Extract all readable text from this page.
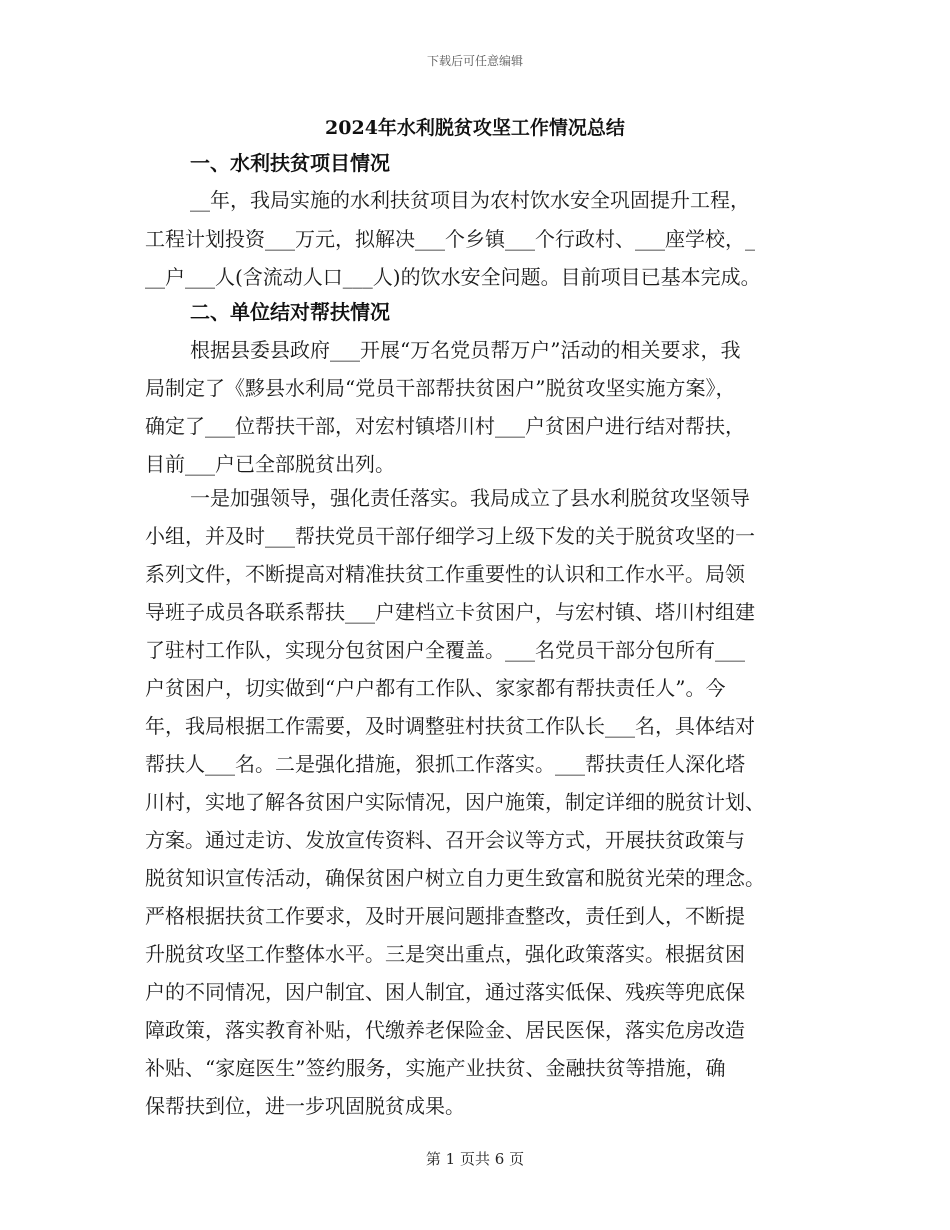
下载后可任意编辑
2024年水利脱贫攻坚工作情况总结
一、水利扶贫项目情况
__年，我局实施的水利扶贫项目为农村饮水安全巩固提升工程，
工程计划投资___万元，拟解决___个乡镇___个行政村、___座学校，_
__户___人(含流动人口___人)的饮水安全问题。目前项目已基本完成。
二、单位结对帮扶情况
根据县委县政府___开展“万名党员帮万户”活动的相关要求，我
局制定了《黟县水利局“党员干部帮扶贫困户”脱贫攻坚实施方案》，
确定了___位帮扶干部，对宏村镇塔川村___户贫困户进行结对帮扶，
目前___户已全部脱贫出列。
一是加强领导，强化责任落实。我局成立了县水利脱贫攻坚领导
小组，并及时___帮扶党员干部仔细学习上级下发的关于脱贫攻坚的一
系列文件，不断提高对精准扶贫工作重要性的认识和工作水平。局领
导班子成员各联系帮扶___户建档立卡贫困户，与宏村镇、塔川村组建
了驻村工作队，实现分包贫困户全覆盖。___名党员干部分包所有___
户贫困户，切实做到“户户都有工作队、家家都有帮扶责任人”。今
年，我局根据工作需要，及时调整驻村扶贫工作队长___名，具体结对
帮扶人___名。二是强化措施，狠抓工作落实。___帮扶责任人深化塔
川村，实地了解各贫困户实际情况，因户施策，制定详细的脱贫计划、
方案。通过走访、发放宣传资料、召开会议等方式，开展扶贫政策与
脱贫知识宣传活动，确保贫困户树立自力更生致富和脱贫光荣的理念。
严格根据扶贫工作要求，及时开展问题排查整改，责任到人，不断提
升脱贫攻坚工作整体水平。三是突出重点，强化政策落实。根据贫困
户的不同情况，因户制宜、困人制宜，通过落实低保、残疾等兜底保
障政策，落实教育补贴，代缴养老保险金、居民医保，落实危房改造
补贴、“家庭医生”签约服务，实施产业扶贫、金融扶贫等措施，确
保帮扶到位，进一步巩固脱贫成果。
第 1 页共 6 页
